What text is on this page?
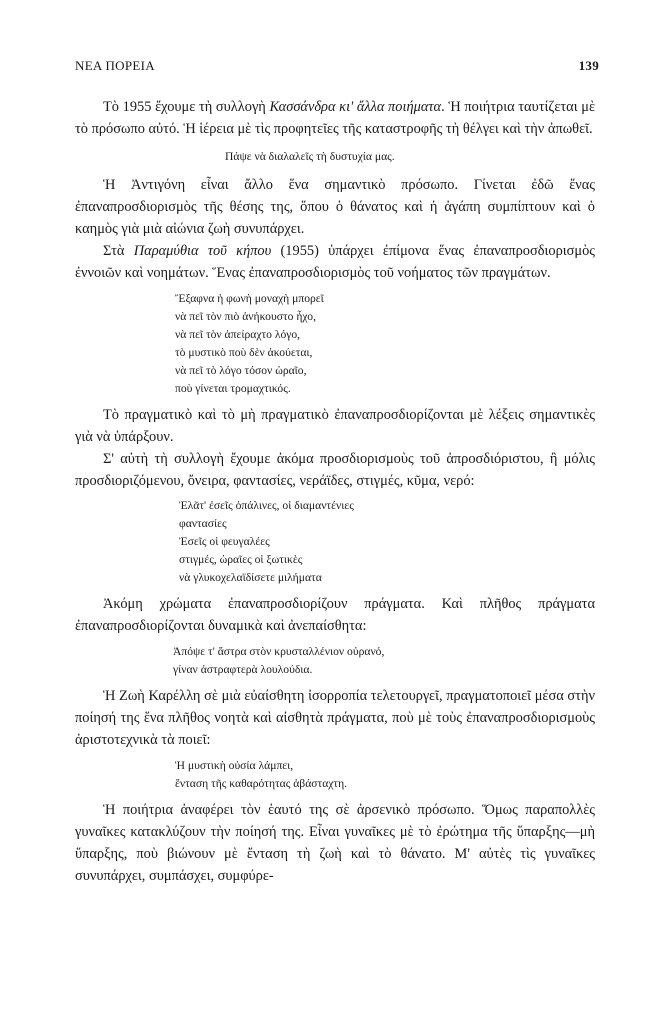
ΝΕΑ ΠΟΡΕΙΑ	139

Τὸ 1955 ἔχουμε τὴ συλλογὴ Κασσάνδρα κι' ἄλλα ποιήματα. Ἡ ποιήτρια ταυτίζεται μὲ τὸ πρόσωπο αὐτό. Ἡ ἱέρεια μὲ τὶς προφητεῖες τῆς καταστροφῆς τὴ θέλγει καὶ τὴν ἀπωθεῖ.

Πάψε νὰ διαλαλεῖς τὴ δυστυχία μας.

Ἡ Ἀντιγόνη εἶναι ἄλλο ἕνα σημαντικὸ πρόσωπο. Γίνεται ἐδῶ ἕνας ἐπαναπροσδιορισμὸς τῆς θέσης της, ὅπου ὁ θάνατος καὶ ἡ ἀγάπη συμπίπτουν καὶ ὁ καημὸς γιὰ μιὰ αἰώνια ζωὴ συνυπάρχει.

Στὰ Παραμύθια τοῦ κήπου (1955) ὑπάρχει ἐπίμονα ἕνας ἐπαναπροσδιορισμὸς ἐννοιῶν καὶ νοημάτων. Ἕνας ἐπαναπροσδιορισμὸς τοῦ νοήματος τῶν πραγμάτων.

Ἔξαφνα ἡ φωνὴ μοναχὴ μπορεῖ
νὰ πεῖ τὸν πιὸ ἀνήκουστο ἦχο,
νὰ πεῖ τὸν ἀπείραχτο λόγο,
τὸ μυστικὸ ποὺ δὲν ἀκούεται,
νὰ πεῖ τὸ λόγο τόσον ὡραῖο,
ποὺ γίνεται τρομαχτικός.

Τὸ πραγματικὸ καὶ τὸ μὴ πραγματικὸ ἐπαναπροσδιορίζονται μὲ λέξεις σημαντικὲς γιὰ νὰ ὑπάρξουν.

Σ' αὐτὴ τὴ συλλογὴ ἔχουμε ἀκόμα προσδιορισμοὺς τοῦ ἀπροσδιόριστου, ἢ μόλις προσδιοριζόμενου, ὄνειρα, φαντασίες, νεράϊδες, στιγμές, κῦμα, νερό:

Ἐλᾶτ' ἐσεῖς ὀπάλινες, οἱ διαμαντένιες
φαντασίες
Ἐσεῖς οἱ φευγαλέες
στιγμές, ὡραῖες οἱ ξωτικὲς
νὰ γλυκοχελαϊδίσετε μιλήματα

Ἀκόμη χρώματα ἐπαναπροσδιορίζουν πράγματα. Καὶ πλῆθος πράγματα ἐπαναπροσδιορίζονται δυναμικὰ καὶ ἀνεπαίσθητα:

Ἀπόψε τ' ἄστρα στὸν κρυσταλλένιον οὐρανό,
γίναν ἀστραφτερὰ λουλούδια.

Ἡ Ζωὴ Καρέλλη σὲ μιὰ εὐαίσθητη ἰσορροπία τελετουργεῖ, πραγματοποιεῖ μέσα στὴν ποίησή της ἕνα πλῆθος νοητὰ καὶ αἰσθητὰ πράγματα, ποὺ μὲ τοὺς ἐπαναπροσδιορισμοὺς ἀριστοτεχνικὰ τὰ ποιεῖ:

Ἡ μυστικὴ οὐσία λάμπει,
ἔνταση τῆς καθαρότητας ἀβάσταχτη.

Ἡ ποιήτρια ἀναφέρει τὸν ἑαυτό της σὲ ἀρσενικὸ πρόσωπο. Ὅμως παραπολλὲς γυναῖκες κατακλύζουν τὴν ποίησή της. Εἶναι γυναῖκες μὲ τὸ ἐρώτημα τῆς ὕπαρξης—μὴ ὕπαρξης, ποὺ βιώνουν μὲ ἔνταση τὴ ζωὴ καὶ τὸ θάνατο. Μ' αὐτὲς τὶς γυναῖκες συνυπάρχει, συμπάσχει, συμφύρε-
